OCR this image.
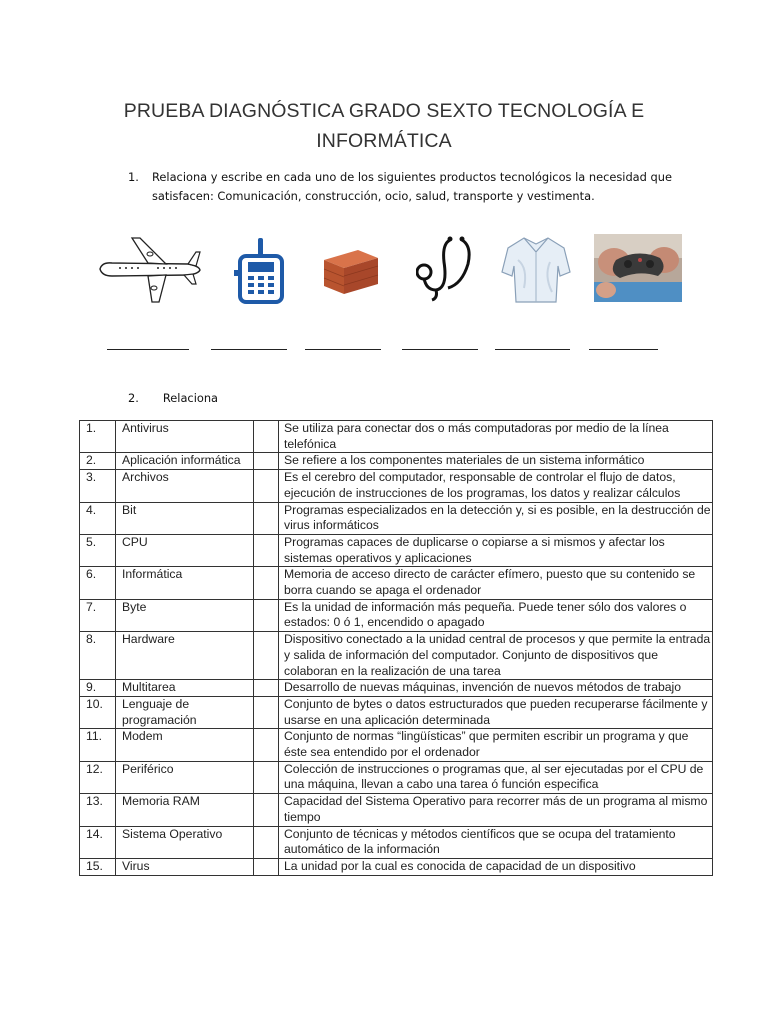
PRUEBA DIAGNÓSTICA GRADO SEXTO TECNOLOGÍA E
INFORMÁTICA
1. Relaciona y escribe en cada uno de los siguientes productos tecnológicos la necesidad que satisfacen: Comunicación, construcción, ocio, salud, transporte y vestimenta.
2. Relaciona
1.	Antivirus		Se utiliza para conectar dos o más computadoras por medio de la línea telefónica
2.	Aplicación informática		Se refiere a los componentes materiales de un sistema informático
3.	Archivos		Es el cerebro del computador, responsable de controlar el flujo de datos, ejecución de instrucciones de los programas, los datos y realizar cálculos
4.	Bit		Programas especializados en la detección y, si es posible, en la destrucción de virus informáticos
5.	CPU		Programas capaces de duplicarse o copiarse a si mismos y afectar los sistemas operativos y aplicaciones
6.	Informática		Memoria de acceso directo de carácter efímero, puesto que su contenido se borra cuando se apaga el ordenador
7.	Byte		Es la unidad de información más pequeña. Puede tener sólo dos valores o estados: 0 ó 1, encendido o apagado
8.	Hardware		Dispositivo conectado a la unidad central de procesos y que permite la entrada y salida de información del computador. Conjunto de dispositivos que colaboran en la realización de una tarea
9.	Multitarea		Desarrollo de nuevas máquinas, invención de nuevos métodos de trabajo
10.	Lenguaje de programación		Conjunto de bytes o datos estructurados que pueden recuperarse fácilmente y usarse en una aplicación determinada
11.	Modem		Conjunto de normas “lingüísticas” que permiten escribir un programa y que éste sea entendido por el ordenador
12.	Periférico		Colección de instrucciones o programas que, al ser ejecutadas por el CPU de una máquina, llevan a cabo una tarea ó función especifica
13.	Memoria RAM		Capacidad del Sistema Operativo para recorrer más de un programa al mismo tiempo
14.	Sistema Operativo		Conjunto de técnicas y métodos científicos que se ocupa del tratamiento automático de la información
15.	Virus		La unidad por la cual es conocida de capacidad de un dispositivo
